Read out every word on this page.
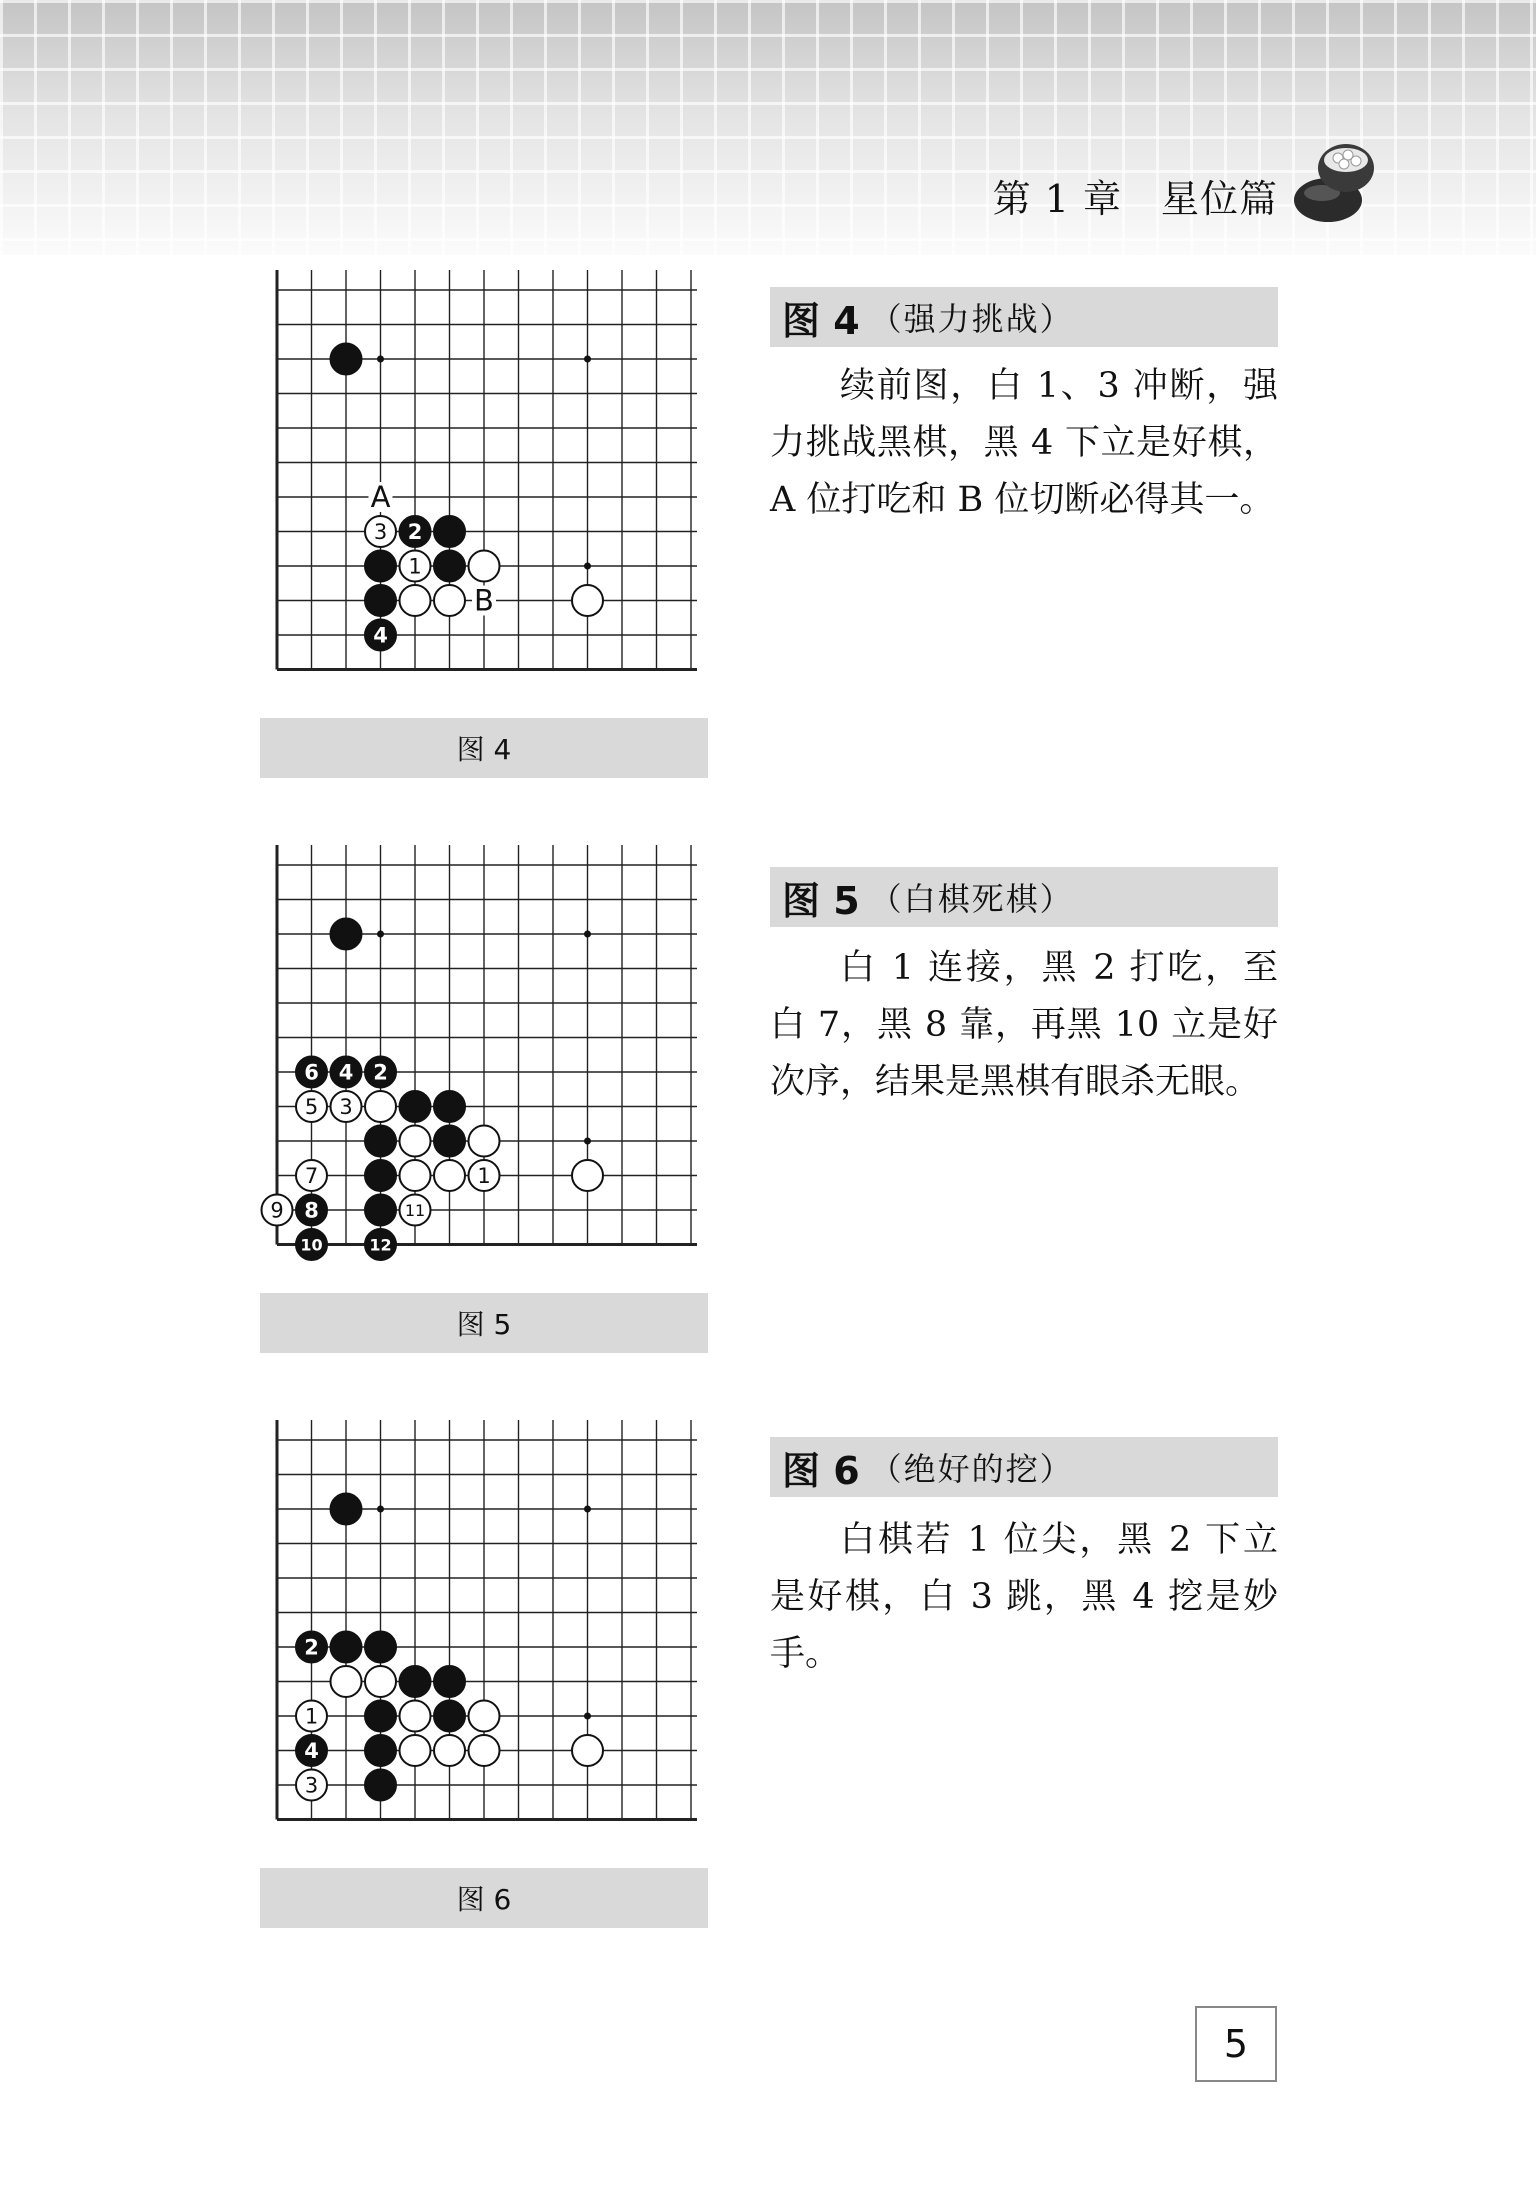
第 1 章　星位篇
A
B
3 2
1
4
图 4
图 4 （强力挑战）
续前图，白 1、3 冲断，强力挑战黑棋，黑 4 下立是好棋，A 位打吃和 B 位切断必得其一。
6 4 2
5 3
7	1
9 8	11
10	12
图 5
图 5 （白棋死棋）
白 1 连接，黑 2 打吃，至白 7，黑 8 靠，再黑 10 立是好次序，结果是黑棋有眼杀无眼。
2
1
4
3
图 6
图 6 （绝好的挖）
白棋若 1 位尖，黑 2 下立是好棋，白 3 跳，黑 4 挖是妙手。
5
